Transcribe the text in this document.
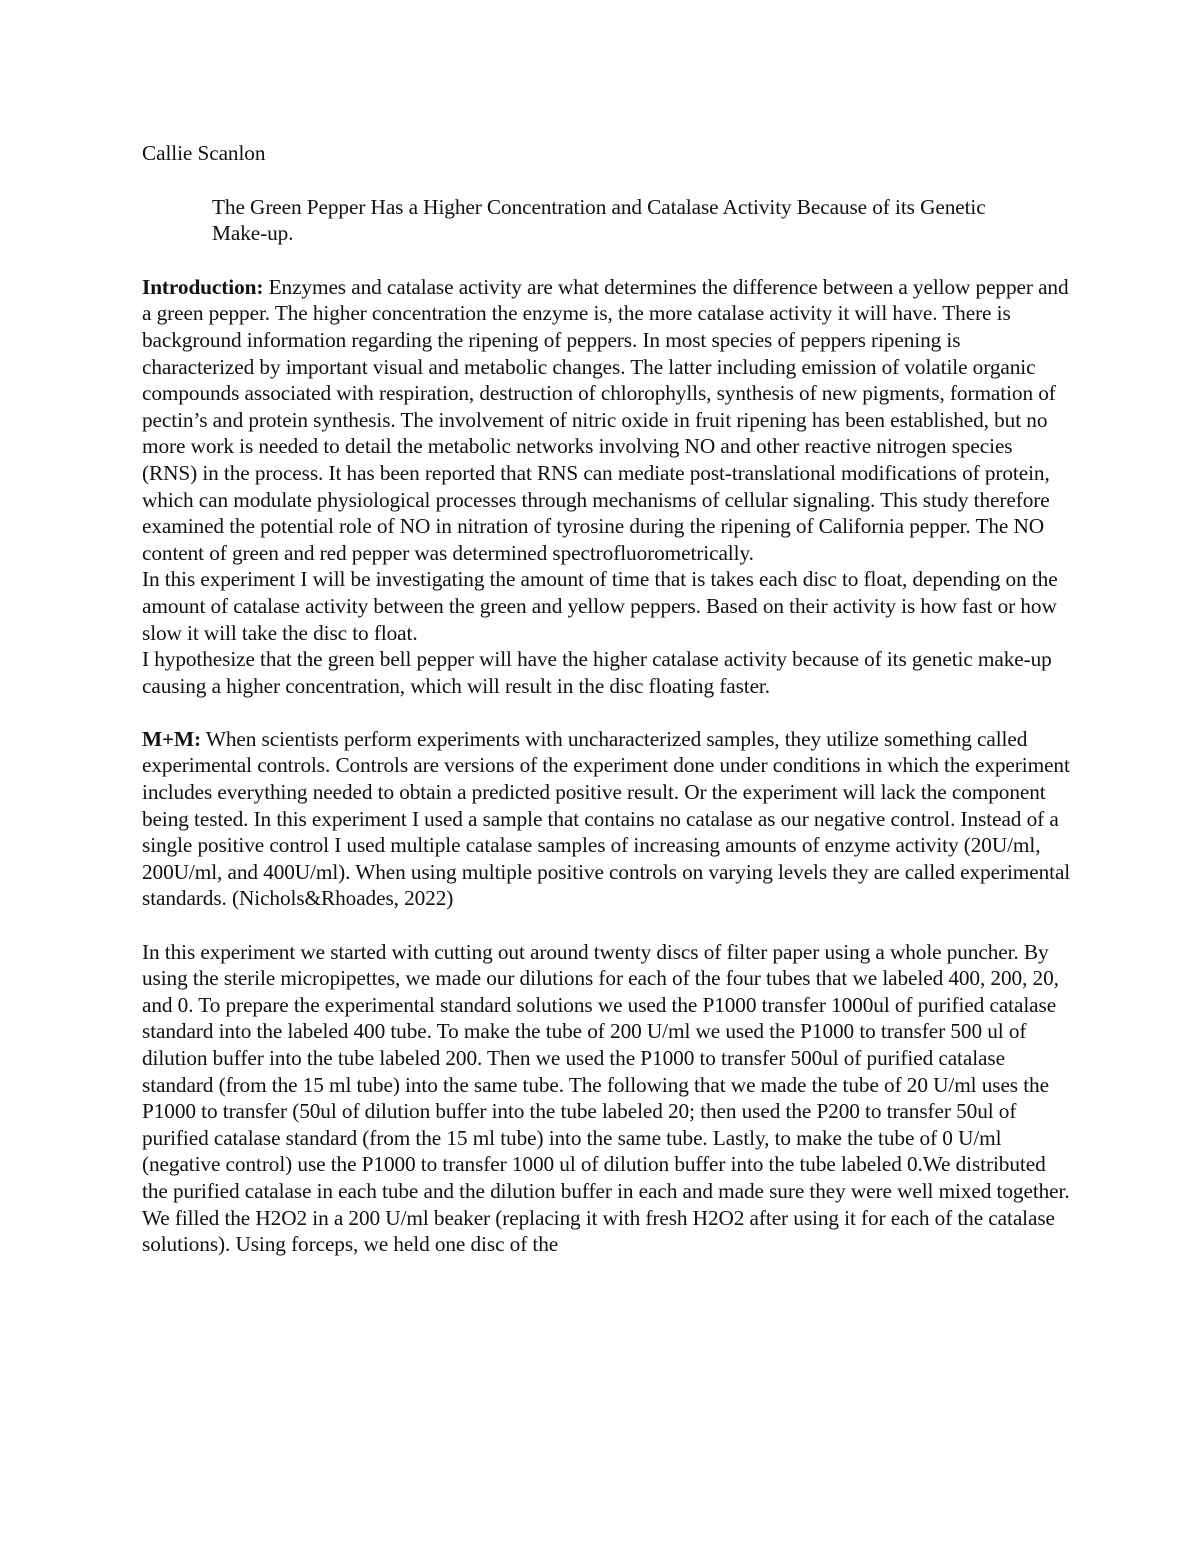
Callie Scanlon
The Green Pepper Has a Higher Concentration and Catalase Activity Because of its Genetic Make-up.

Introduction: Enzymes and catalase activity are what determines the difference between a yellow pepper and a green pepper. The higher concentration the enzyme is, the more catalase activity it will have. There is background information regarding the ripening of peppers. In most species of peppers ripening is characterized by important visual and metabolic changes. The latter including emission of volatile organic compounds associated with respiration, destruction of chlorophylls, synthesis of new pigments, formation of pectin’s and protein synthesis. The involvement of nitric oxide in fruit ripening has been established, but no more work is needed to detail the metabolic networks involving NO and other reactive nitrogen species (RNS) in the process. It has been reported that RNS can mediate post-translational modifications of protein, which can modulate physiological processes through mechanisms of cellular signaling. This study therefore examined the potential role of NO in nitration of tyrosine during the ripening of California pepper. The NO content of green and red pepper was determined spectrofluorometrically.

In this experiment I will be investigating the amount of time that is takes each disc to float, depending on the amount of catalase activity between the green and yellow peppers. Based on their activity is how fast or how slow it will take the disc to float.

I hypothesize that the green bell pepper will have the higher catalase activity because of its genetic make-up causing a higher concentration, which will result in the disc floating faster.

M+M: When scientists perform experiments with uncharacterized samples, they utilize something called experimental controls. Controls are versions of the experiment done under conditions in which the experiment includes everything needed to obtain a predicted positive result. Or the experiment will lack the component being tested. In this experiment I used a sample that contains no catalase as our negative control. Instead of a single positive control I used multiple catalase samples of increasing amounts of enzyme activity (20U/ml, 200U/ml, and 400U/ml). When using multiple positive controls on varying levels they are called experimental standards. (Nichols&Rhoades, 2022)

In this experiment we started with cutting out around twenty discs of filter paper using a whole puncher. By using the sterile micropipettes, we made our dilutions for each of the four tubes that we labeled 400, 200, 20, and 0. To prepare the experimental standard solutions we used the P1000 transfer 1000ul of purified catalase standard into the labeled 400 tube. To make the tube of 200 U/ml we used the P1000 to transfer 500 ul of dilution buffer into the tube labeled 200. Then we used the P1000 to transfer 500ul of purified catalase standard (from the 15 ml tube) into the same tube. The following that we made the tube of 20 U/ml uses the P1000 to transfer (50ul of dilution buffer into the tube labeled 20; then used the P200 to transfer 50ul of purified catalase standard (from the 15 ml tube) into the same tube. Lastly, to make the tube of 0 U/ml (negative control) use the P1000 to transfer 1000 ul of dilution buffer into the tube labeled 0.We distributed the purified catalase in each tube and the dilution buffer in each and made sure they were well mixed together. We filled the H2O2 in a 200 U/ml beaker (replacing it with fresh H2O2 after using it for each of the catalase solutions). Using forceps, we held one disc of the
